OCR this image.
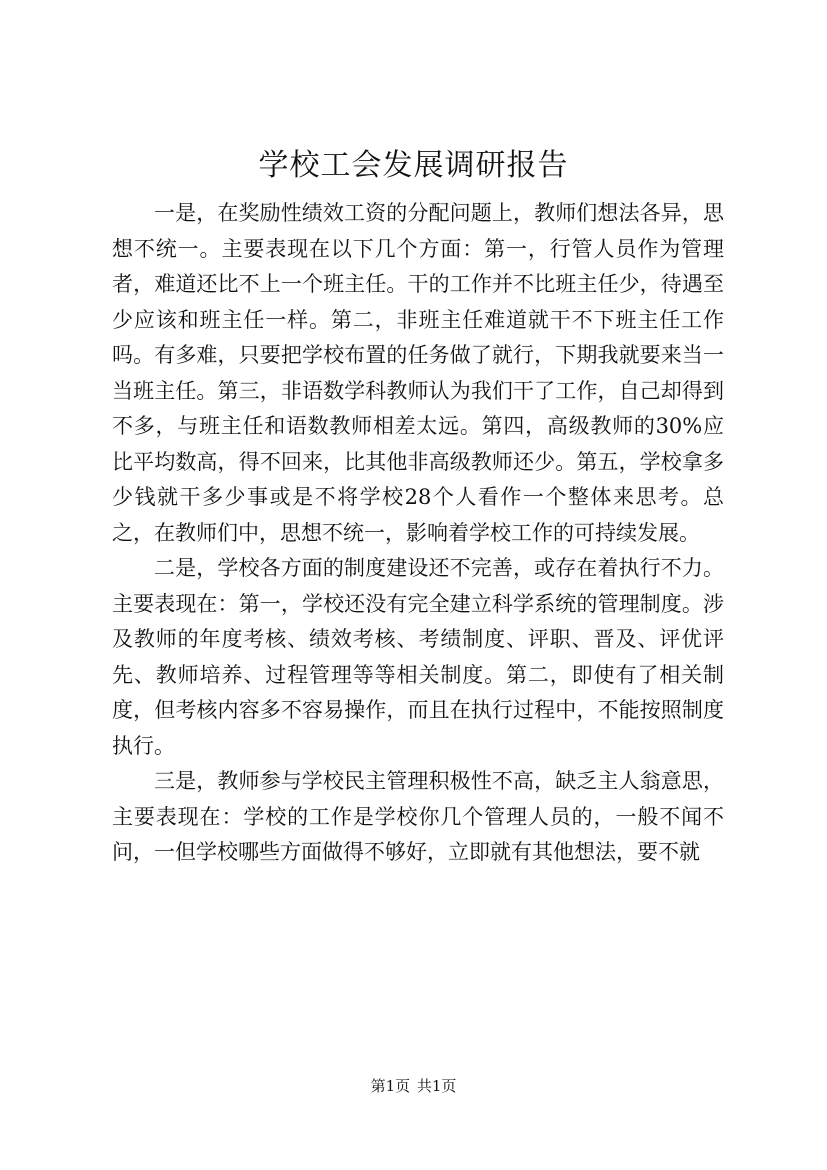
学校工会发展调研报告

一是，在奖励性绩效工资的分配问题上，教师们想法各异，思想不统一。主要表现在以下几个方面：第一，行管人员作为管理者，难道还比不上一个班主任。干的工作并不比班主任少，待遇至少应该和班主任一样。第二，非班主任难道就干不下班主任工作吗。有多难，只要把学校布置的任务做了就行，下期我就要来当一当班主任。第三，非语数学科教师认为我们干了工作，自己却得到不多，与班主任和语数教师相差太远。第四，高级教师的30%应比平均数高，得不回来，比其他非高级教师还少。第五，学校拿多少钱就干多少事或是不将学校28个人看作一个整体来思考。总之，在教师们中，思想不统一，影响着学校工作的可持续发展。

二是，学校各方面的制度建设还不完善，或存在着执行不力。主要表现在：第一，学校还没有完全建立科学系统的管理制度。涉及教师的年度考核、绩效考核、考绩制度、评职、晋及、评优评先、教师培养、过程管理等等相关制度。第二，即使有了相关制度，但考核内容多不容易操作，而且在执行过程中，不能按照制度执行。

三是，教师参与学校民主管理积极性不高，缺乏主人翁意思，主要表现在：学校的工作是学校你几个管理人员的，一般不闻不问，一但学校哪些方面做得不够好，立即就有其他想法，要不就

第1页 共1页
